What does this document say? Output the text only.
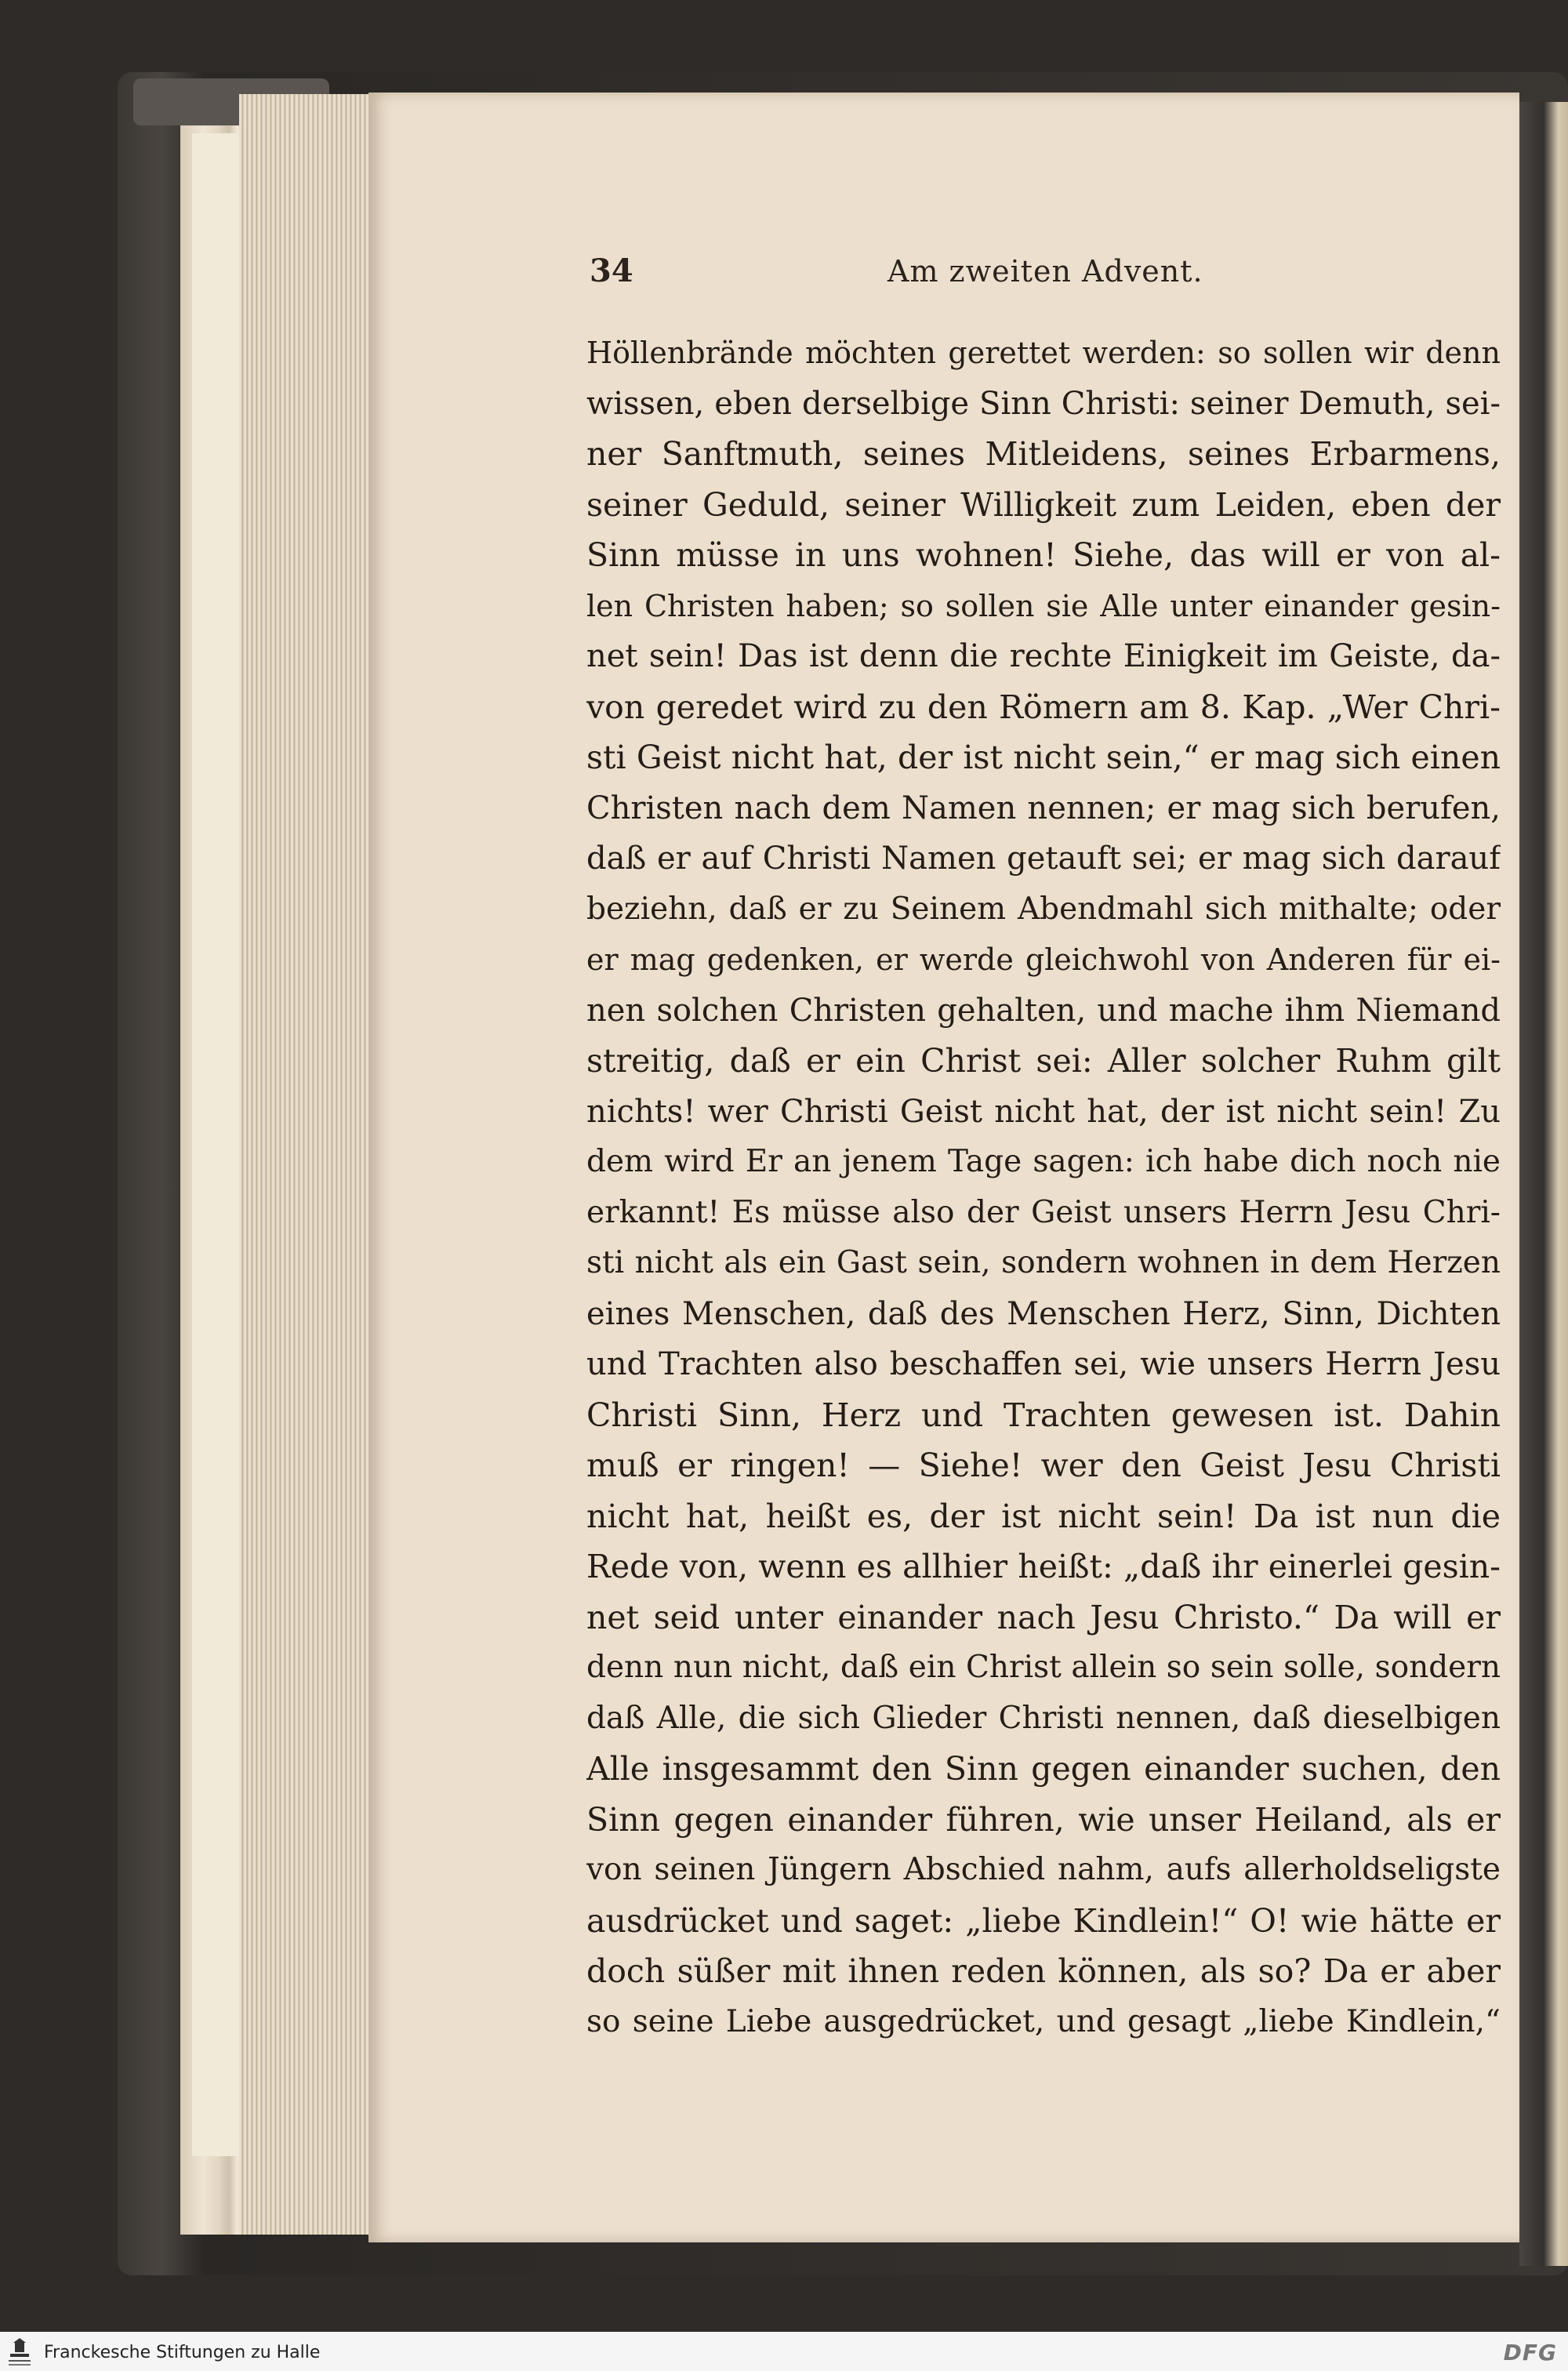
34	Am zweiten Advent.
Höllenbrände möchten gerettet werden: so sollen wir denn
wissen, eben derselbige Sinn Christi: seiner Demuth, sei-
ner Sanftmuth, seines Mitleidens, seines Erbarmens,
seiner Geduld, seiner Willigkeit zum Leiden, eben der
Sinn müsse in uns wohnen! Siehe, das will er von al-
len Christen haben; so sollen sie Alle unter einander gesin-
net sein! Das ist denn die rechte Einigkeit im Geiste, da-
von geredet wird zu den Römern am 8. Kap. „Wer Chri-
sti Geist nicht hat, der ist nicht sein,“ er mag sich einen
Christen nach dem Namen nennen; er mag sich berufen,
daß er auf Christi Namen getauft sei; er mag sich darauf
beziehn, daß er zu Seinem Abendmahl sich mithalte; oder
er mag gedenken, er werde gleichwohl von Anderen für ei-
nen solchen Christen gehalten, und mache ihm Niemand
streitig, daß er ein Christ sei: Aller solcher Ruhm gilt
nichts! wer Christi Geist nicht hat, der ist nicht sein! Zu
dem wird Er an jenem Tage sagen: ich habe dich noch nie
erkannt! Es müsse also der Geist unsers Herrn Jesu Chri-
sti nicht als ein Gast sein, sondern wohnen in dem Herzen
eines Menschen, daß des Menschen Herz, Sinn, Dichten
und Trachten also beschaffen sei, wie unsers Herrn Jesu
Christi Sinn, Herz und Trachten gewesen ist. Dahin
muß er ringen! — Siehe! wer den Geist Jesu Christi
nicht hat, heißt es, der ist nicht sein! Da ist nun die
Rede von, wenn es allhier heißt: „daß ihr einerlei gesin-
net seid unter einander nach Jesu Christo.“ Da will er
denn nun nicht, daß ein Christ allein so sein solle, sondern
daß Alle, die sich Glieder Christi nennen, daß dieselbigen
Alle insgesammt den Sinn gegen einander suchen, den
Sinn gegen einander führen, wie unser Heiland, als er
von seinen Jüngern Abschied nahm, aufs allerholdseligste
ausdrücket und saget: „liebe Kindlein!“ O! wie hätte er
doch süßer mit ihnen reden können, als so? Da er aber
so seine Liebe ausgedrücket, und gesagt „liebe Kindlein,“
Franckesche Stiftungen zu Halle	DFG
